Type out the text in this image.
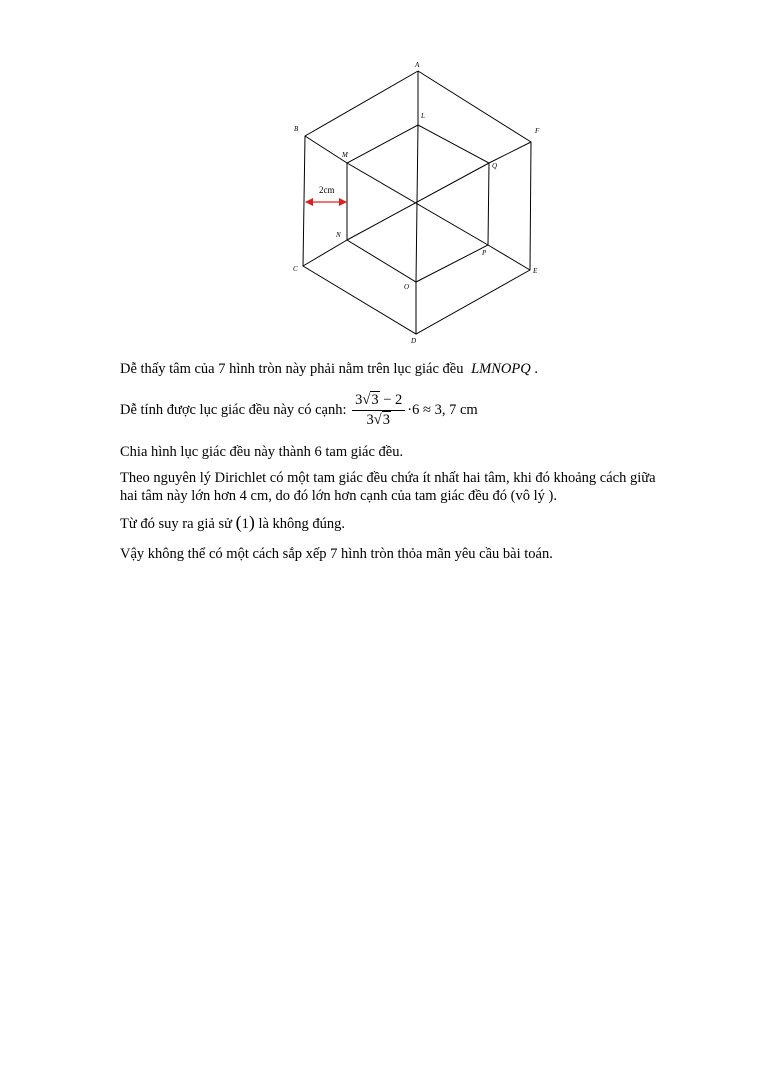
2cm
A
B
C
D
E
F
L
M
N
O
P
Q
Dễ thấy tâm của 7 hình tròn này phải nằm trên lục giác đều LMNOPQ .
Dễ tính được lục giác đều này có cạnh: $\frac{3√3 - 2}{3√3} \cdot 6 \approx 3$, 7 cm
Chia hình lục giác đều này thành 6 tam giác đều.
Theo nguyên lý Dirichlet có một tam giác đều chứa ít nhất hai tâm, khi đó khoảng cách giữa
hai tâm này lớn hơn 4 cm, do đó lớn hơn cạnh của tam giác đều đó (vô lý ).
Từ đó suy ra giả sử (1) là không đúng.
Vậy không thể có một cách sắp xếp 7 hình tròn thỏa mãn yêu cầu bài toán.
